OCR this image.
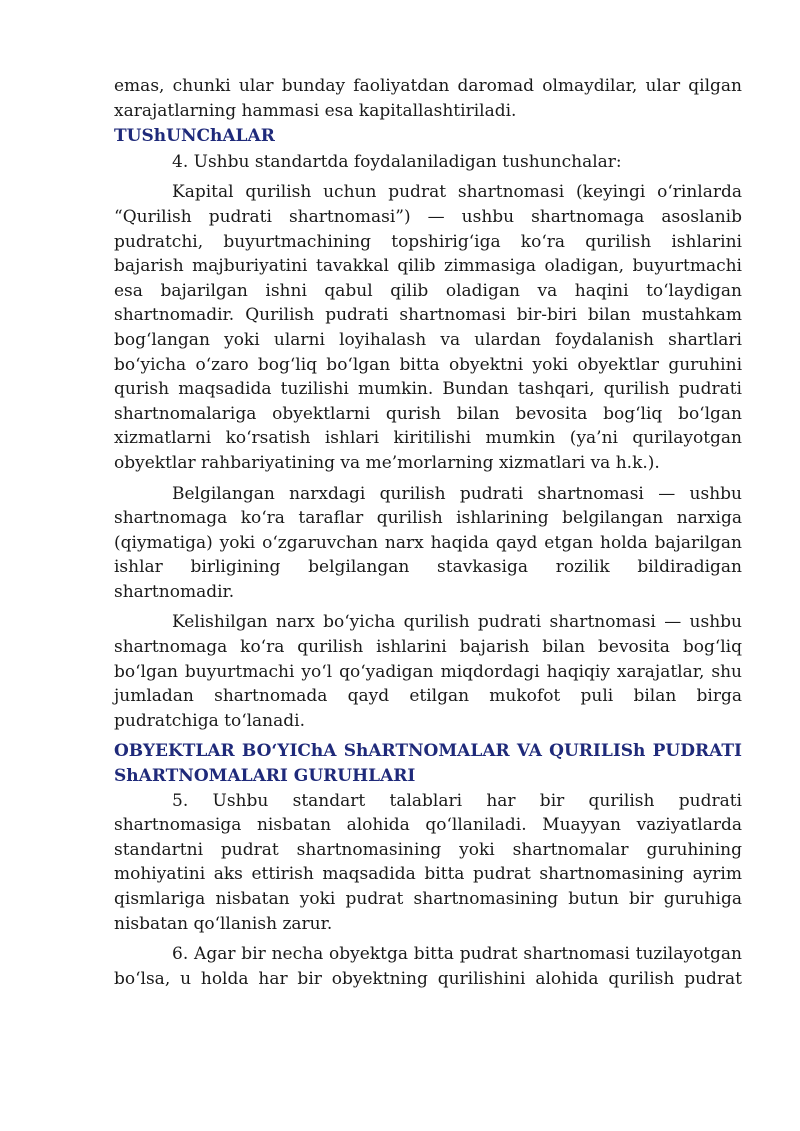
emas, chunki ular bunday faoliyatdan daromad olmaydilar, ular qilgan xarajatlarning hammasi esa kapitallashtiriladi.

TUShUNChALAR

4. Ushbu standartda foydalaniladigan tushunchalar:

Kapital qurilish uchun pudrat shartnomasi (keyingi o‘rinlarda “Qurilish pudrati shartnomasi”) — ushbu shartnomaga asoslanib pudratchi, buyurtmachining topshirig‘iga ko‘ra qurilish ishlarini bajarish majburiyatini tavakkal qilib zimmasiga oladigan, buyurtmachi esa bajarilgan ishni qabul qilib oladigan va haqini to‘laydigan shartnomadir. Qurilish pudrati shartnomasi bir-biri bilan mustahkam bog‘langan yoki ularni loyihalash va ulardan foydalanish shartlari bo‘yicha o‘zaro bog‘liq bo‘lgan bitta obyektni yoki obyektlar guruhini qurish maqsadida tuzilishi mumkin. Bundan tashqari, qurilish pudrati shartnomalariga obyektlarni qurish bilan bevosita bog‘liq bo‘lgan xizmatlarni ko‘rsatish ishlari kiritilishi mumkin (ya’ni qurilayotgan obyektlar rahbariyatining va me’morlarning xizmatlari va h.k.).

Belgilangan narxdagi qurilish pudrati shartnomasi — ushbu shartnomaga ko‘ra taraflar qurilish ishlarining belgilangan narxiga (qiymatiga) yoki o‘zgaruvchan narx haqida qayd etgan holda bajarilgan ishlar birligining belgilangan stavkasiga rozilik bildiradigan shartnomadir.

Kelishilgan narx bo‘yicha qurilish pudrati shartnomasi — ushbu shartnomaga ko‘ra qurilish ishlarini bajarish bilan bevosita bog‘liq bo‘lgan buyurtmachi yo‘l qo‘yadigan miqdordagi haqiqiy xarajatlar, shu jumladan shartnomada qayd etilgan mukofot puli bilan birga pudratchiga to‘lanadi.

OBYEKTLAR BO‘YIChA ShARTNOMALAR VA QURILISh PUDRATI ShARTNOMALARI GURUHLARI

5. Ushbu standart talablari har bir qurilish pudrati shartnomasiga nisbatan alohida qo‘llaniladi. Muayyan vaziyatlarda standartni pudrat shartnomasining yoki shartnomalar guruhining mohiyatini aks ettirish maqsadida bitta pudrat shartnomasining ayrim qismlariga nisbatan yoki pudrat shartnomasining butun bir guruhiga nisbatan qo‘llanish zarur.

6. Agar bir necha obyektga bitta pudrat shartnomasi tuzilayotgan bo‘lsa, u holda har bir obyektning qurilishini alohida qurilish pudrat
